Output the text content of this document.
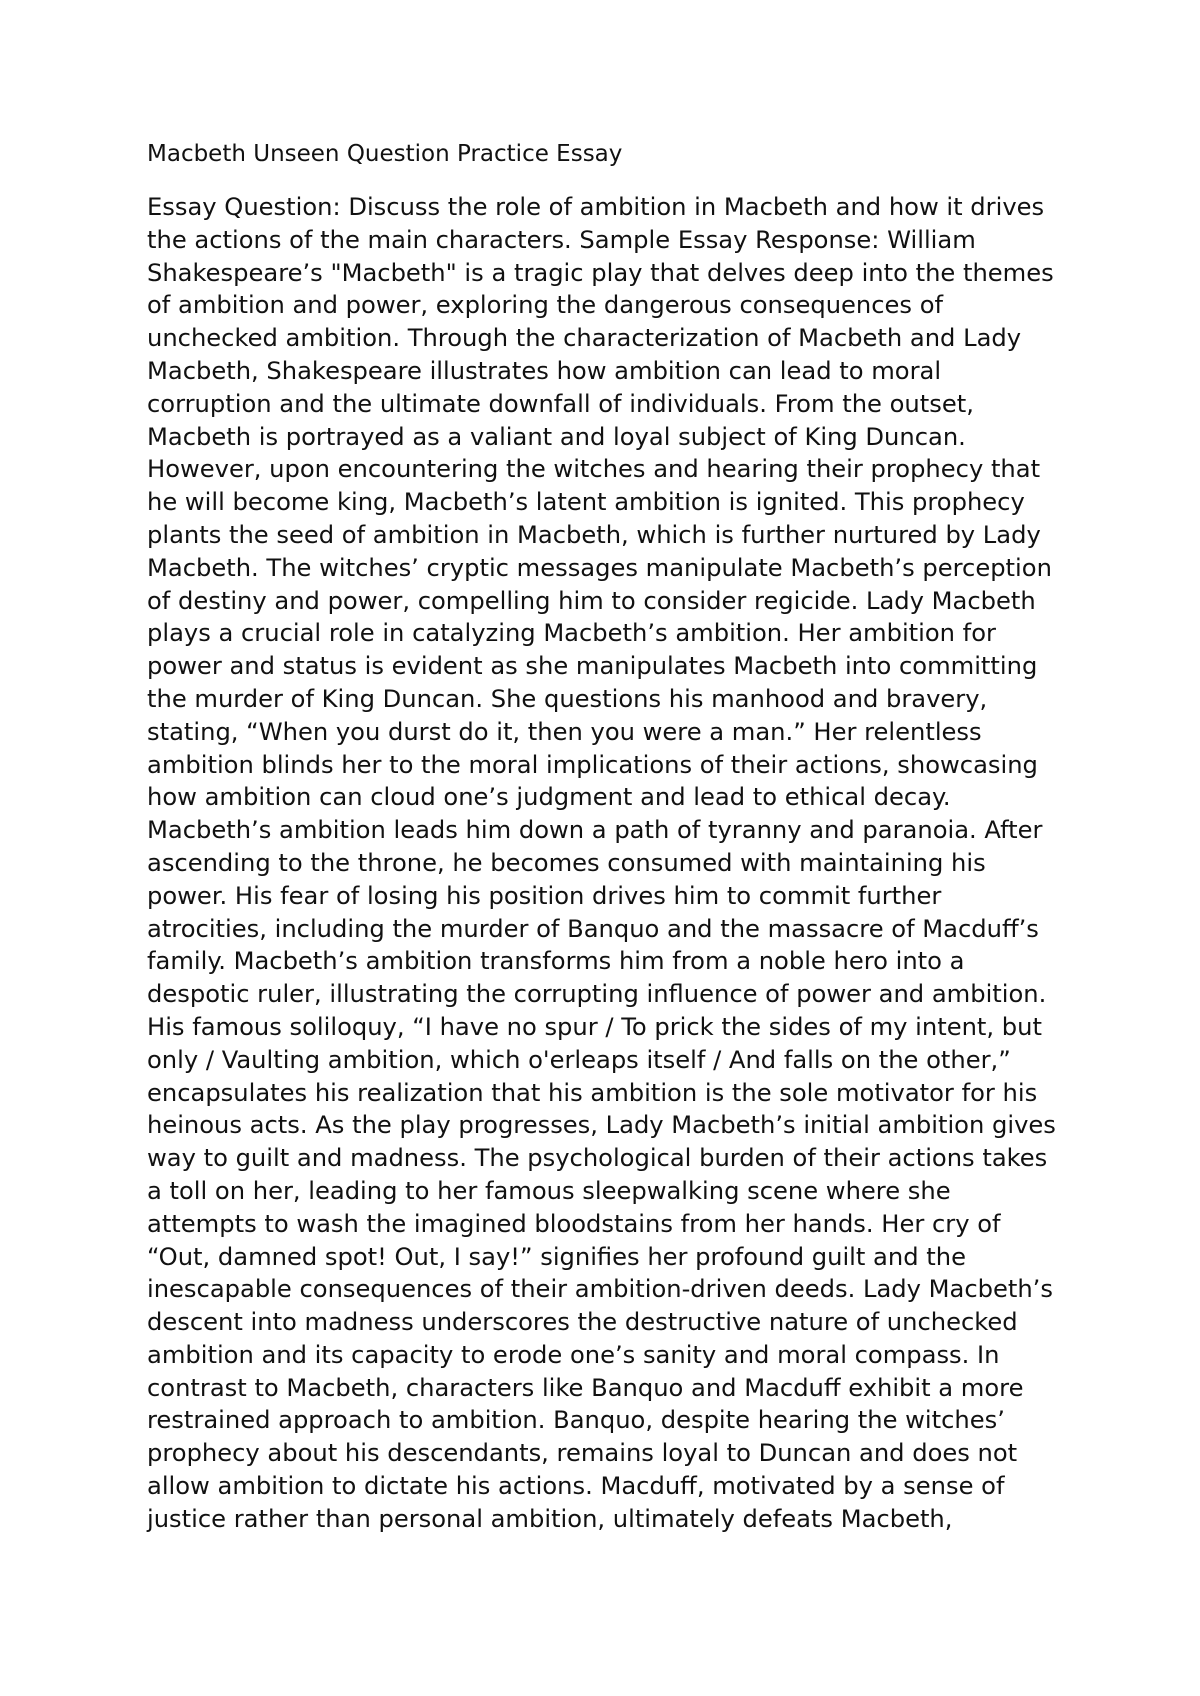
Macbeth Unseen Question Practice Essay

Essay Question: Discuss the role of ambition in Macbeth and how it drives
the actions of the main characters. Sample Essay Response: William
Shakespeare’s "Macbeth" is a tragic play that delves deep into the themes
of ambition and power, exploring the dangerous consequences of
unchecked ambition. Through the characterization of Macbeth and Lady
Macbeth, Shakespeare illustrates how ambition can lead to moral
corruption and the ultimate downfall of individuals. From the outset,
Macbeth is portrayed as a valiant and loyal subject of King Duncan.
However, upon encountering the witches and hearing their prophecy that
he will become king, Macbeth’s latent ambition is ignited. This prophecy
plants the seed of ambition in Macbeth, which is further nurtured by Lady
Macbeth. The witches’ cryptic messages manipulate Macbeth’s perception
of destiny and power, compelling him to consider regicide. Lady Macbeth
plays a crucial role in catalyzing Macbeth’s ambition. Her ambition for
power and status is evident as she manipulates Macbeth into committing
the murder of King Duncan. She questions his manhood and bravery,
stating, “When you durst do it, then you were a man.” Her relentless
ambition blinds her to the moral implications of their actions, showcasing
how ambition can cloud one’s judgment and lead to ethical decay.
Macbeth’s ambition leads him down a path of tyranny and paranoia. After
ascending to the throne, he becomes consumed with maintaining his
power. His fear of losing his position drives him to commit further
atrocities, including the murder of Banquo and the massacre of Macduff’s
family. Macbeth’s ambition transforms him from a noble hero into a
despotic ruler, illustrating the corrupting influence of power and ambition.
His famous soliloquy, “I have no spur / To prick the sides of my intent, but
only / Vaulting ambition, which o'erleaps itself / And falls on the other,”
encapsulates his realization that his ambition is the sole motivator for his
heinous acts. As the play progresses, Lady Macbeth’s initial ambition gives
way to guilt and madness. The psychological burden of their actions takes
a toll on her, leading to her famous sleepwalking scene where she
attempts to wash the imagined bloodstains from her hands. Her cry of
“Out, damned spot! Out, I say!” signifies her profound guilt and the
inescapable consequences of their ambition-driven deeds. Lady Macbeth’s
descent into madness underscores the destructive nature of unchecked
ambition and its capacity to erode one’s sanity and moral compass. In
contrast to Macbeth, characters like Banquo and Macduff exhibit a more
restrained approach to ambition. Banquo, despite hearing the witches’
prophecy about his descendants, remains loyal to Duncan and does not
allow ambition to dictate his actions. Macduff, motivated by a sense of
justice rather than personal ambition, ultimately defeats Macbeth,
